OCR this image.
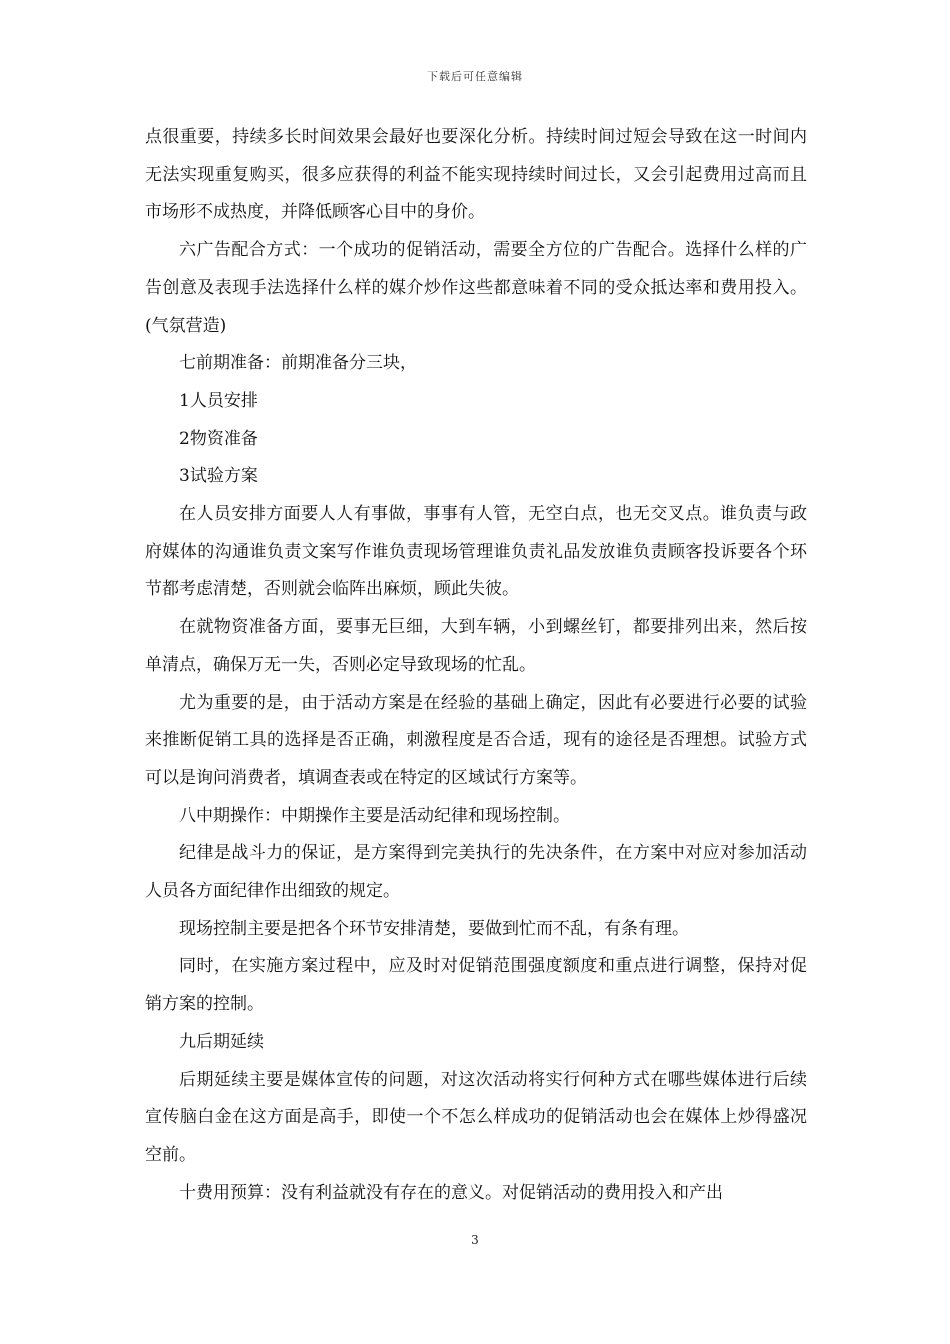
下载后可任意编辑

点很重要，持续多长时间效果会最好也要深化分析。持续时间过短会导致在这一时间内无法实现重复购买，很多应获得的利益不能实现持续时间过长，又会引起费用过高而且市场形不成热度，并降低顾客心目中的身价。

六广告配合方式：一个成功的促销活动，需要全方位的广告配合。选择什么样的广告创意及表现手法选择什么样的媒介炒作这些都意味着不同的受众抵达率和费用投入。(气氛营造)

七前期准备：前期准备分三块，

1人员安排

2物资准备

3试验方案

在人员安排方面要人人有事做，事事有人管，无空白点，也无交叉点。谁负责与政府媒体的沟通谁负责文案写作谁负责现场管理谁负责礼品发放谁负责顾客投诉要各个环节都考虑清楚，否则就会临阵出麻烦，顾此失彼。

在就物资准备方面，要事无巨细，大到车辆，小到螺丝钉，都要排列出来，然后按单清点，确保万无一失，否则必定导致现场的忙乱。

尤为重要的是，由于活动方案是在经验的基础上确定，因此有必要进行必要的试验来推断促销工具的选择是否正确，刺激程度是否合适，现有的途径是否理想。试验方式可以是询问消费者，填调查表或在特定的区域试行方案等。

八中期操作：中期操作主要是活动纪律和现场控制。

纪律是战斗力的保证，是方案得到完美执行的先决条件，在方案中对应对参加活动人员各方面纪律作出细致的规定。

现场控制主要是把各个环节安排清楚，要做到忙而不乱，有条有理。

同时，在实施方案过程中，应及时对促销范围强度额度和重点进行调整，保持对促销方案的控制。

九后期延续

后期延续主要是媒体宣传的问题，对这次活动将实行何种方式在哪些媒体进行后续宣传脑白金在这方面是高手，即使一个不怎么样成功的促销活动也会在媒体上炒得盛况空前。

十费用预算：没有利益就没有存在的意义。对促销活动的费用投入和产出

3
